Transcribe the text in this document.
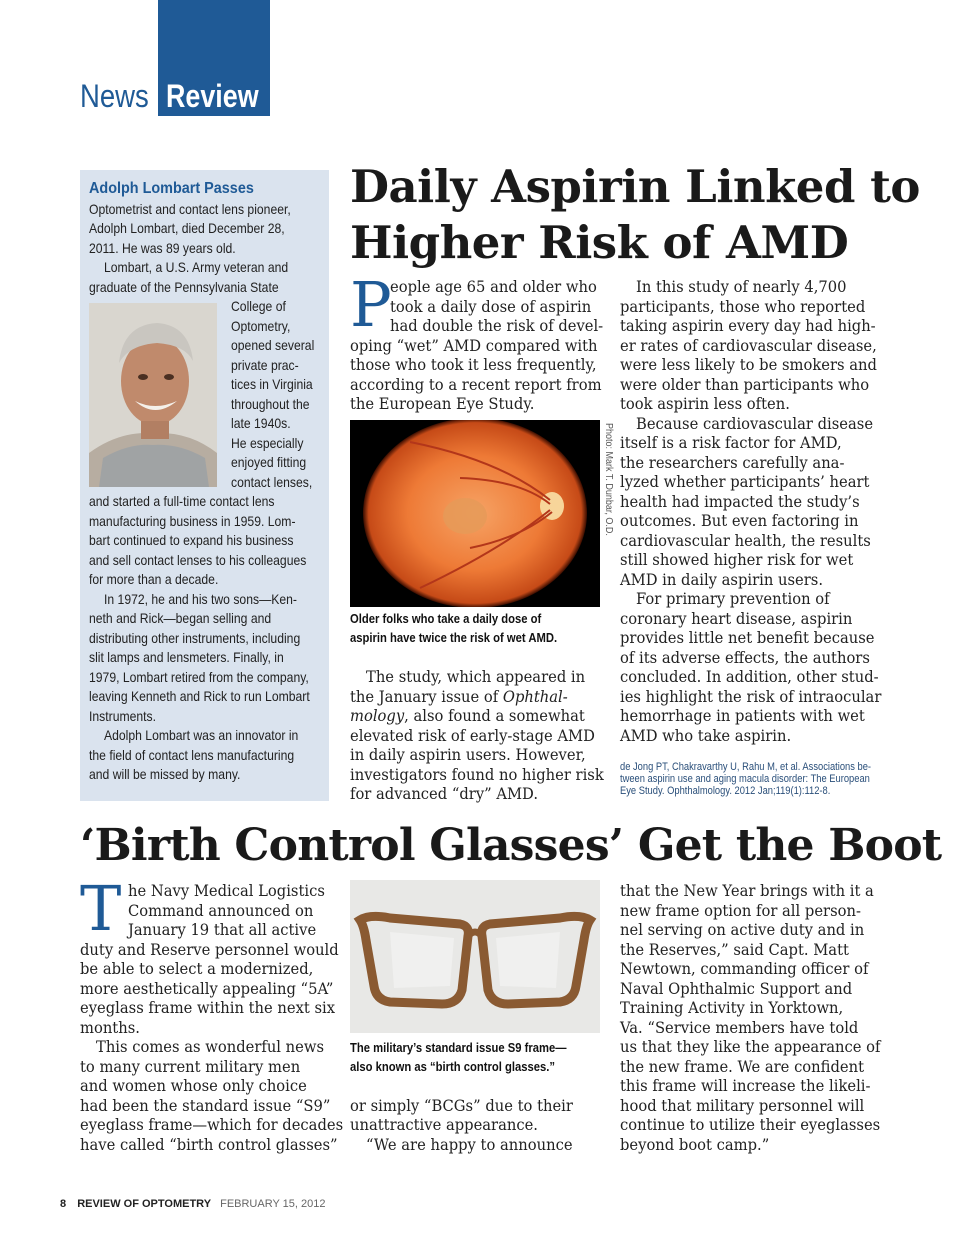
News Review
Adolph Lombart Passes
Optometrist and contact lens pioneer,
Adolph Lombart, died December 28,
2011. He was 89 years old.
Lombart, a U.S. Army veteran and
graduate of the Pennsylvania State
College of
Optometry,
opened several
private prac-
tices in Virginia
throughout the
late 1940s.
He especially
enjoyed fitting
contact lenses,
and started a full-time contact lens
manufacturing business in 1959. Lom-
bart continued to expand his business
and sell contact lenses to his colleagues
for more than a decade.
In 1972, he and his two sons—Ken-
neth and Rick—began selling and
distributing other instruments, including
slit lamps and lensmeters. Finally, in
1979, Lombart retired from the company,
leaving Kenneth and Rick to run Lombart
Instruments.
Adolph Lombart was an innovator in
the field of contact lens manufacturing
and will be missed by many.
Daily Aspirin Linked to
Higher Risk of AMD
P
eople age 65 and older who
took a daily dose of aspirin
had double the risk of devel-
oping “wet” AMD compared with
those who took it less frequently,
according to a recent report from
the European Eye Study.
Photo: Mark T. Dunbar, O.D.
Older folks who take a daily dose of
aspirin have twice the risk of wet AMD.
The study, which appeared in
the January issue of Ophthal-
mology, also found a somewhat
elevated risk of early-stage AMD
in daily aspirin users. However,
investigators found no higher risk
for advanced “dry” AMD.
In this study of nearly 4,700
participants, those who reported
taking aspirin every day had high-
er rates of cardiovascular disease,
were less likely to be smokers and
were older than participants who
took aspirin less often.
Because cardiovascular disease
itself is a risk factor for AMD,
the researchers carefully ana-
lyzed whether participants’ heart
health had impacted the study’s
outcomes. But even factoring in
cardiovascular health, the results
still showed higher risk for wet
AMD in daily aspirin users.
For primary prevention of
coronary heart disease, aspirin
provides little net benefit because
of its adverse effects, the authors
concluded. In addition, other stud-
ies highlight the risk of intraocular
hemorrhage in patients with wet
AMD who take aspirin.
de Jong PT, Chakravarthy U, Rahu M, et al. Associations be-
tween aspirin use and aging macula disorder: The European
Eye Study. Ophthalmology. 2012 Jan;119(1):112-8.
‘Birth Control Glasses’ Get the Boot
T he Navy Medical Logistics
Command announced on
January 19 that all active
duty and Reserve personnel would
be able to select a modernized,
more aesthetically appealing “5A”
eyeglass frame within the next six
months.
This comes as wonderful news
to many current military men
and women whose only choice
had been the standard issue “S9”
eyeglass frame—which for decades
have called “birth control glasses”
The military’s standard issue S9 frame—
also known as “birth control glasses.”
or simply “BCGs” due to their
unattractive appearance.
“We are happy to announce
that the New Year brings with it a
new frame option for all person-
nel serving on active duty and in
the Reserves,” said Capt. Matt
Newtown, commanding officer of
Naval Ophthalmic Support and
Training Activity in Yorktown,
Va. “Service members have told
us that they like the appearance of
the new frame. We are confident
this frame will increase the likeli-
hood that military personnel will
continue to utilize their eyeglasses
beyond boot camp.”
8 REVIEW OF OPTOMETRY FEBRUARY 15, 2012
